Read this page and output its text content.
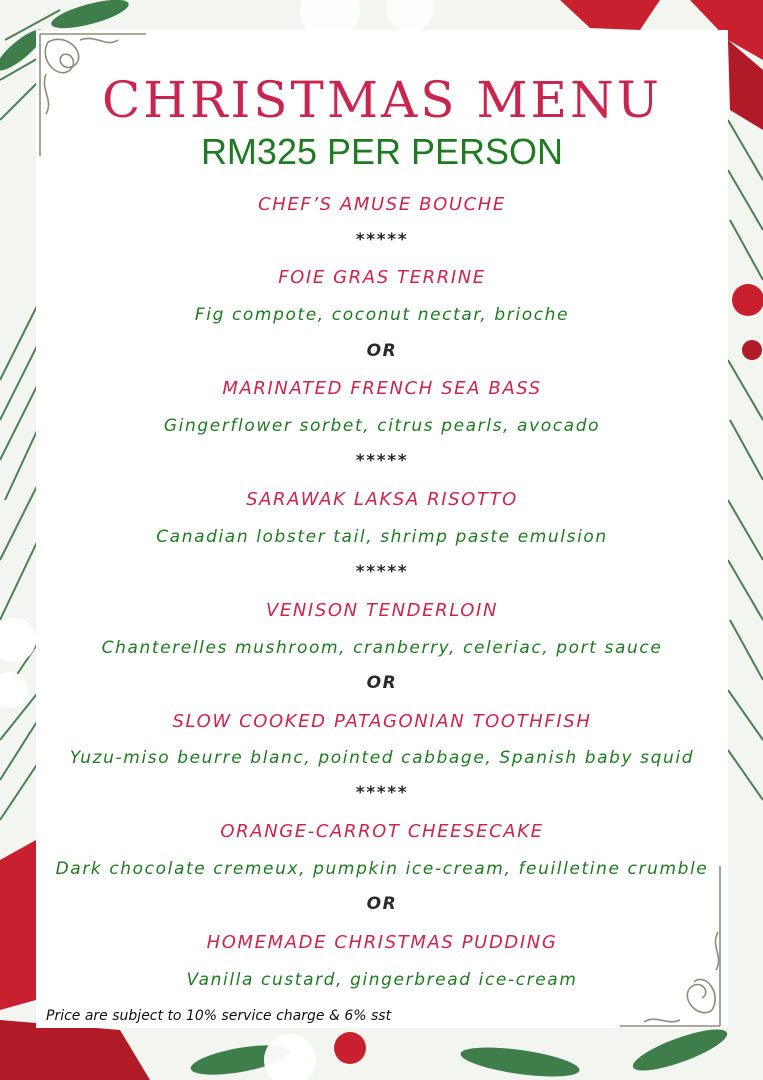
CHRISTMAS MENU
RM325 PER PERSON
CHEF’S AMUSE BOUCHE
*****
FOIE GRAS TERRINE
Fig compote, coconut nectar, brioche
OR
MARINATED FRENCH SEA BASS
Gingerflower sorbet, citrus pearls, avocado
*****
SARAWAK LAKSA RISOTTO
Canadian lobster tail, shrimp paste emulsion
*****
VENISON TENDERLOIN
Chanterelles mushroom, cranberry, celeriac, port sauce
OR
SLOW COOKED PATAGONIAN TOOTHFISH
Yuzu-miso beurre blanc, pointed cabbage, Spanish baby squid
*****
ORANGE-CARROT CHEESECAKE
Dark chocolate cremeux, pumpkin ice-cream, feuilletine crumble
OR
HOMEMADE CHRISTMAS PUDDING
Vanilla custard, gingerbread ice-cream
Price are subject to 10% service charge & 6% sst
